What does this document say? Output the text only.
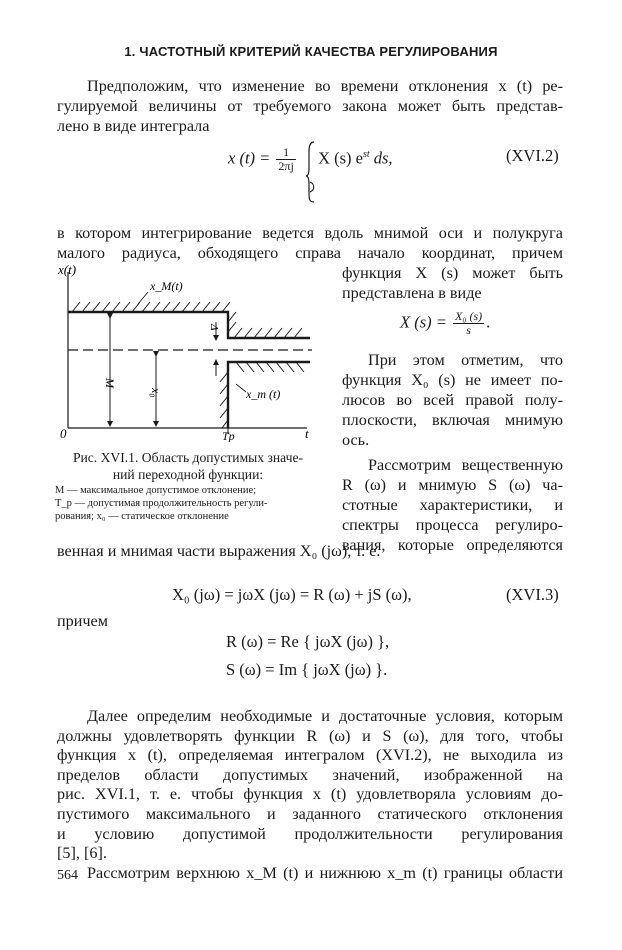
1. ЧАСТОТНЫЙ КРИТЕРИЙ КАЧЕСТВА РЕГУЛИРОВАНИЯ
Предположим, что изменение во времени отклонения x (t) ре-
гулируемой величины от требуемого закона может быть представ-
лено в виде интеграла
x $(t) = \frac{1}{2\pi j}$ X (s) $e^{st}$ ds,	(XVI.2)
в котором интегрирование ведется вдоль мнимой оси и полукруга
малого радиуса, обходящего справа начало координат, причем
функция X (s) может быть
представлена в виде
X $(s) = \frac{\text{X₀ (s)}}{s}$ .
При этом отметим, что
функция X₀ (s) не имеет по-
люсов во всей правой полу-
плоскости, включая мнимую
ось.
Рассмотрим вещественную
R (ω) и мнимую S (ω) ча-
стотные характеристики, и
спектры процесса регулиро-
вания, которые определяются
венная и мнимая части выражения X₀ (jω), т. е.
x(t)
0	t
Tp
x_M(t)
x_m (t)
M
x₀
Δ
Рис. XVI.1. Область допустимых значе-
ний переходной функции:
M — максимальное допустимое отклонение;
T_p — допустимая продолжительность регули-
рования; x₀ — статическое отклонение
X₀ (jω) = jωX (jω) = R (ω) + jS (ω),	(XVI.3)
причем
R (ω) = Re { jωX (jω) },
S (ω) = Im { jωX (jω) }.
Далее определим необходимые и достаточные условия, которым
должны удовлетворять функции R (ω) и S (ω), для того, чтобы
функция x (t), определяемая интегралом (XVI.2), не выходила из
пределов области допустимых значений, изображенной на
рис. XVI.1, т. е. чтобы функция x (t) удовлетворяла условиям до-
пустимого максимального и заданного статического отклонения
и условию допустимой продолжительности регулирования
[5], [6].
Рассмотрим верхнюю x_M (t) и нижнюю x_m (t) границы области
564
